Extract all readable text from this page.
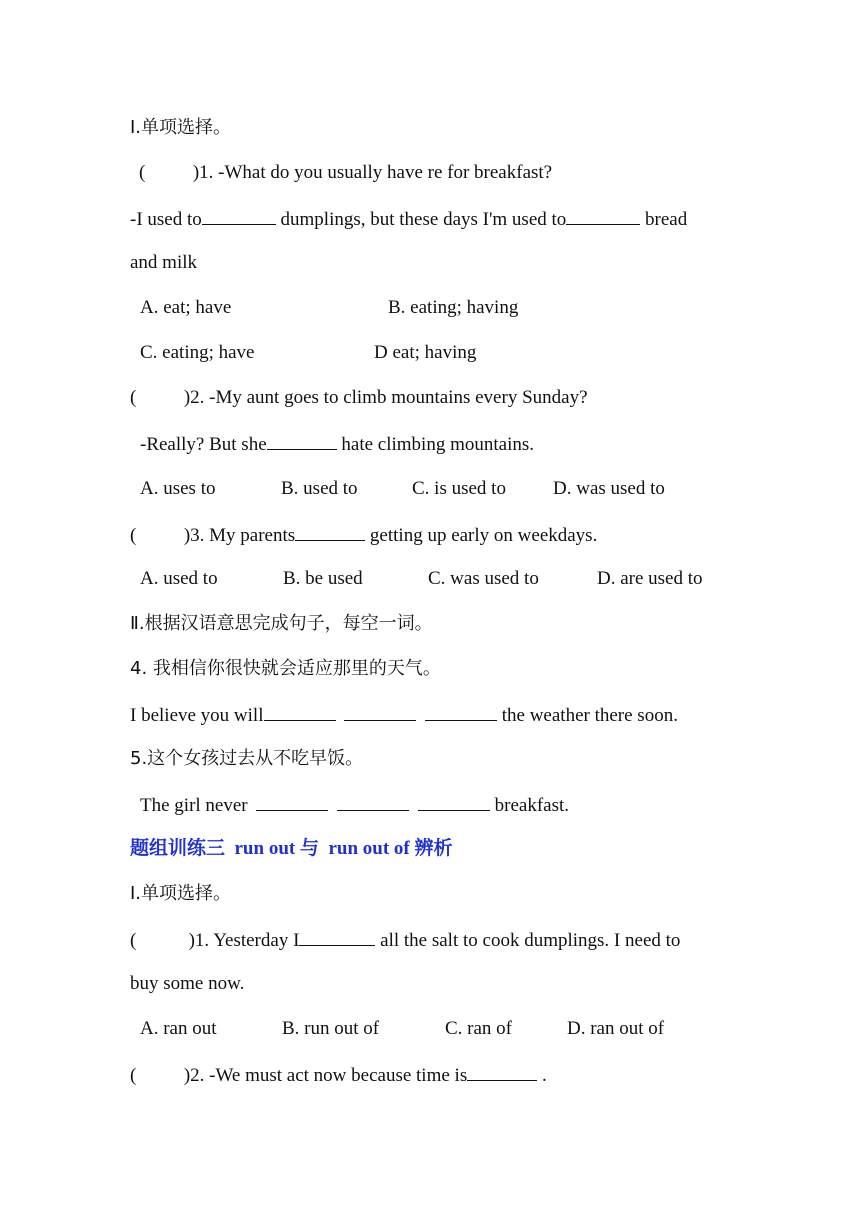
I.单项选择。
(          )1. -What do you usually have re for breakfast?
-I used to	dumplings, but these days I'm used to	bread
and milk
A. eat; have	B. eating; having
C. eating; have	D eat; having
(          )2. -My aunt goes to climb mountains every Sunday?
-Really? But she	hate climbing mountains.
A. uses to	B. used to	C. is used to D. was used to
(          )3. My parents	getting up early on weekdays.
A. used to	B. be used	C. was used to	D. are used to
Ⅱ.根据汉语意思完成句子，每空一词。
4. 我相信你很快就会适应那里的天气。
I believe you will	the weather there soon.
5.这个女孩过去从不吃早饭。
The girl never	breakfast.
题组训练三  run out 与  run out of 辨析
I.单项选择。
(           )1. Yesterday I	all the salt to cook dumplings. I need to
buy some now.
A. ran out	B. run out of	C. ran of	D. ran out of
(          )2. -We must act now because time is	.
